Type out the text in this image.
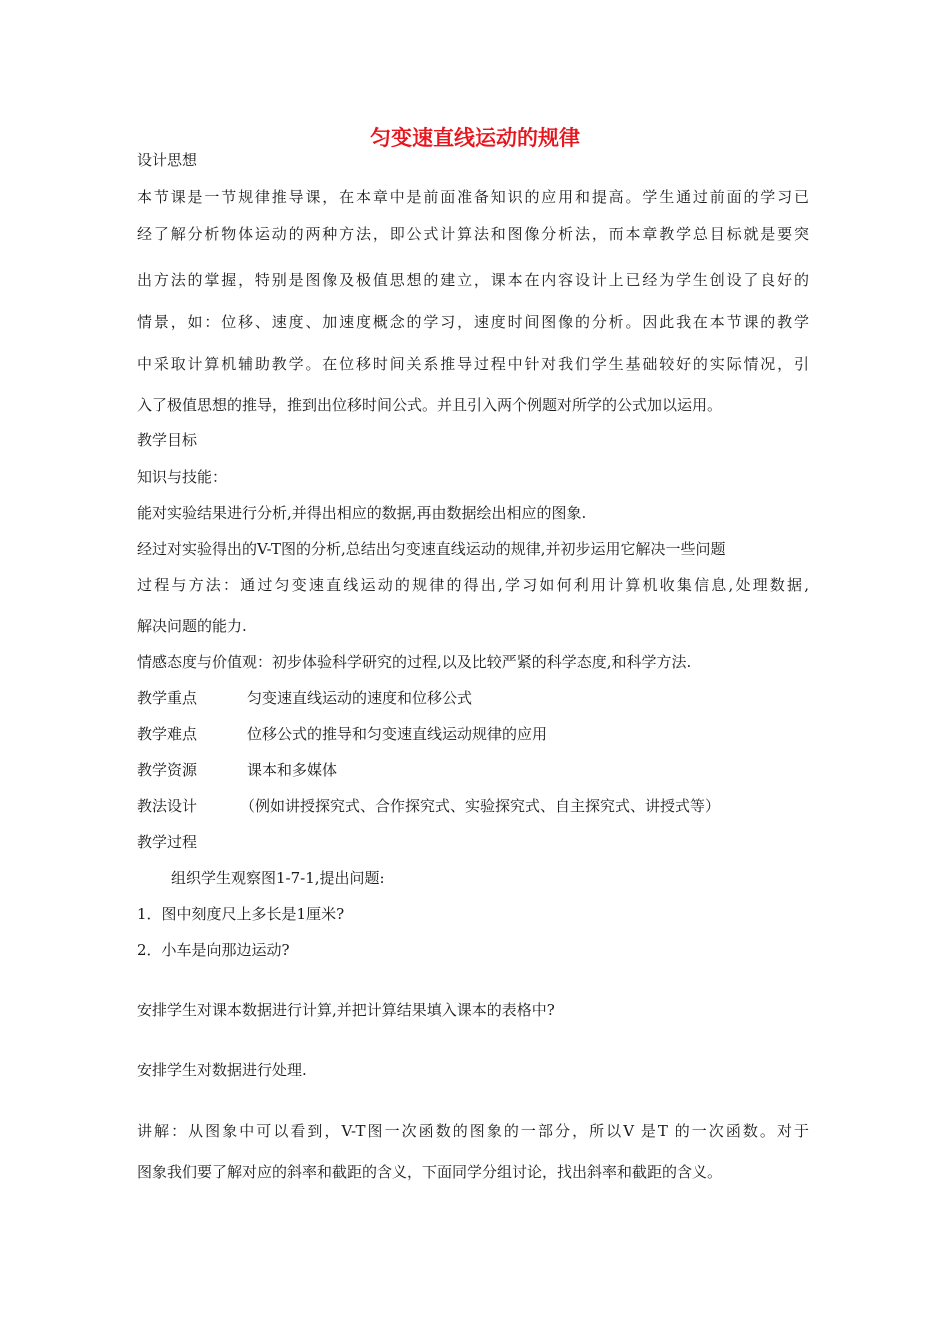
匀变速直线运动的规律
设计思想
本节课是一节规律推导课，在本章中是前面准备知识的应用和提高。学生通过前面的学习已
经了解分析物体运动的两种方法，即公式计算法和图像分析法，而本章教学总目标就是要突
出方法的掌握，特别是图像及极值思想的建立，课本在内容设计上已经为学生创设了良好的
情景，如：位移、速度、加速度概念的学习，速度时间图像的分析。因此我在本节课的教学
中采取计算机辅助教学。在位移时间关系推导过程中针对我们学生基础较好的实际情况，引
入了极值思想的推导，推到出位移时间公式。并且引入两个例题对所学的公式加以运用。
教学目标
知识与技能：
能对实验结果进行分析,并得出相应的数据,再由数据绘出相应的图象.
经过对实验得出的V-T图的分析,总结出匀变速直线运动的规律,并初步运用它解决一些问题
过程与方法：通过匀变速直线运动的规律的得出,学习如何利用计算机收集信息,处理数据,
解决问题的能力.
情感态度与价值观：初步体验科学研究的过程,以及比较严紧的科学态度,和科学方法.
教学重点	匀变速直线运动的速度和位移公式
教学难点	位移公式的推导和匀变速直线运动规律的应用
教学资源	课本和多媒体
教法设计	（例如讲授探究式、合作探究式、实验探究式、自主探究式、讲授式等）
教学过程
组织学生观察图1-7-1,提出问题:
1．图中刻度尺上多长是1厘米?
2．小车是向那边运动?
安排学生对课本数据进行计算,并把计算结果填入课本的表格中?
安排学生对数据进行处理.
讲解：从图象中可以看到，V-T图一次函数的图象的一部分，所以V 是T 的一次函数。对于
图象我们要了解对应的斜率和截距的含义，下面同学分组讨论，找出斜率和截距的含义。
